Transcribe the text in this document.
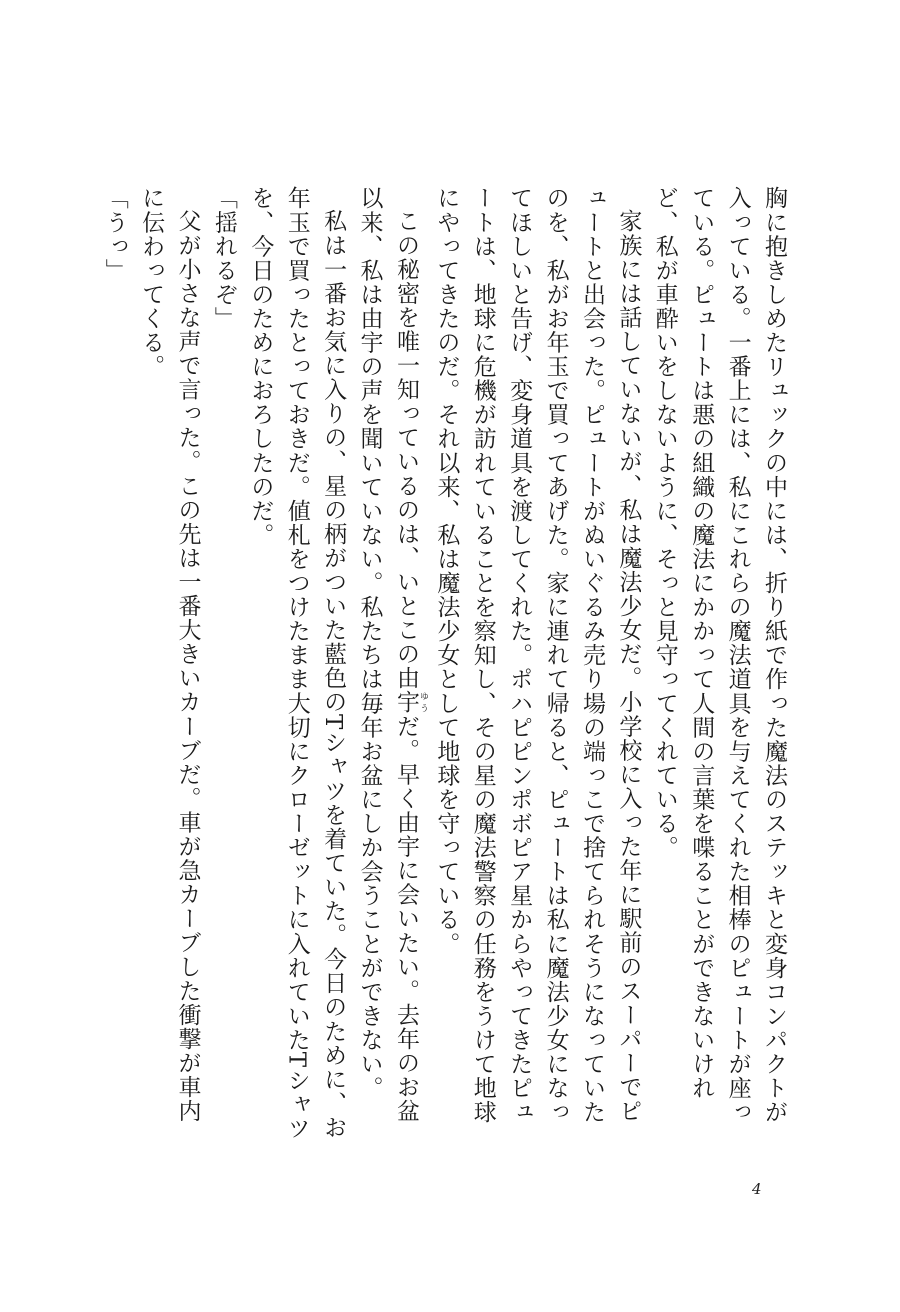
胸に抱きしめたリュックの中には、折り紙で作った魔法のステッキと変身コンパクトが入っている。一番上には、私にこれらの魔法道具を与えてくれた相棒のピュートが座っている。ピュートは悪の組織の魔法にかかって人間の言葉を喋ることができないけれど、私が車酔いをしないように、そっと見守ってくれている。

家族には話していないが、私は魔法少女だ。小学校に入った年に駅前のスーパーでピュートと出会った。ピュートがぬいぐるみ売り場の端っこで捨てられそうになっていたのを、私がお年玉で買ってあげた。家に連れて帰ると、ピュートは私に魔法少女になってほしいと告げ、変身道具を渡してくれた。ポハピピンポボピア星からやってきたピュートは、地球に危機が訪れていることを察知し、その星の魔法警察の任務をうけて地球にやってきたのだ。それ以来、私は魔法少女として地球を守っている。

この秘密を唯一知っているのは、いとこの由宇 ゆうだ。早く由宇に会いたい。去年のお盆以来、私は由宇の声を聞いていない。私たちは毎年お盆にしか会うことができない。

私は一番お気に入りの、星の柄がついた藍色のTシャツを着ていた。今日のために、お年玉で買ったとっておきだ。値札をつけたまま大切にクローゼットに入れていたTシャツを、今日のためにおろしたのだ。

「揺れるぞ」

父が小さな声で言った。この先は一番大きいカーブだ。車が急カーブした衝撃が車内に伝わってくる。

「うっ」

4
